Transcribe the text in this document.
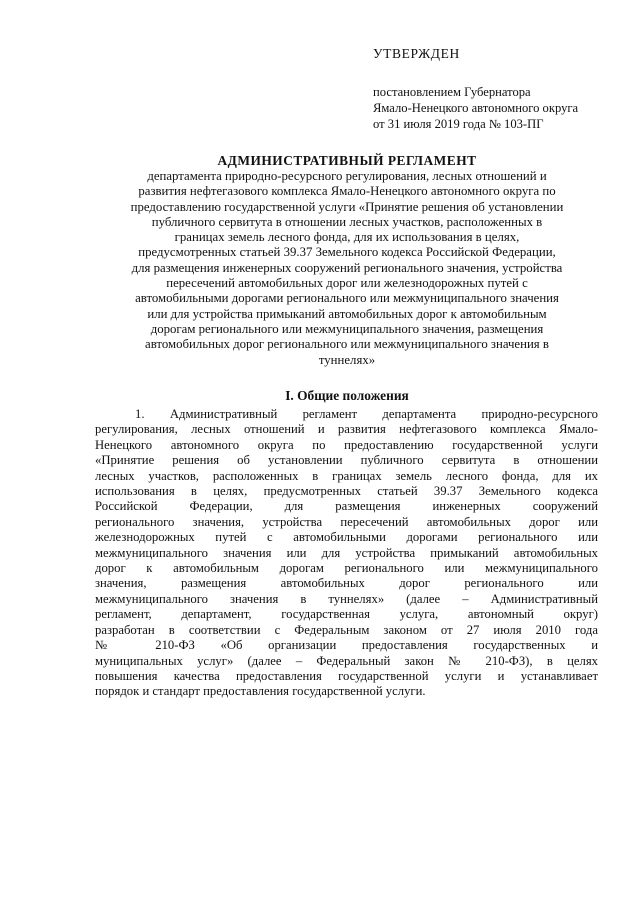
УТВЕРЖДЕН
постановлением Губернатора
Ямало-Ненецкого автономного округа
от 31 июля 2019 года № 103-ПГ
АДМИНИСТРАТИВНЫЙ РЕГЛАМЕНТ
департамента природно-ресурсного регулирования, лесных отношений и
развития нефтегазового комплекса Ямало-Ненецкого автономного округа по
предоставлению государственной услуги «Принятие решения об установлении
публичного сервитута в отношении лесных участков, расположенных в
границах земель лесного фонда, для их использования в целях,
предусмотренных статьей 39.37 Земельного кодекса Российской Федерации,
для размещения инженерных сооружений регионального значения, устройства
пересечений автомобильных дорог или железнодорожных путей с
автомобильными дорогами регионального или межмуниципального значения
или для устройства примыканий автомобильных дорог к автомобильным
дорогам регионального или межмуниципального значения, размещения
автомобильных дорог регионального или межмуниципального значения в
туннелях»
I. Общие положения
1. Административный регламент департамента природно-ресурсного
регулирования, лесных отношений и развития нефтегазового комплекса Ямало-
Ненецкого автономного округа по предоставлению государственной услуги
«Принятие решения об установлении публичного сервитута в отношении
лесных участков, расположенных в границах земель лесного фонда, для их
использования в целях, предусмотренных статьей 39.37 Земельного кодекса
Российской Федерации, для размещения инженерных сооружений
регионального значения, устройства пересечений автомобильных дорог или
железнодорожных путей с автомобильными дорогами регионального или
межмуниципального значения или для устройства примыканий автомобильных
дорог к автомобильным дорогам регионального или межмуниципального
значения, размещения автомобильных дорог регионального или
межмуниципального значения в туннелях» (далее – Административный
регламент, департамент, государственная услуга, автономный округ)
разработан в соответствии с Федеральным законом от 27 июля 2010 года
№ 210-ФЗ «Об организации предоставления государственных и
муниципальных услуг» (далее – Федеральный закон № 210-ФЗ), в целях
повышения качества предоставления государственной услуги и устанавливает
порядок и стандарт предоставления государственной услуги.
